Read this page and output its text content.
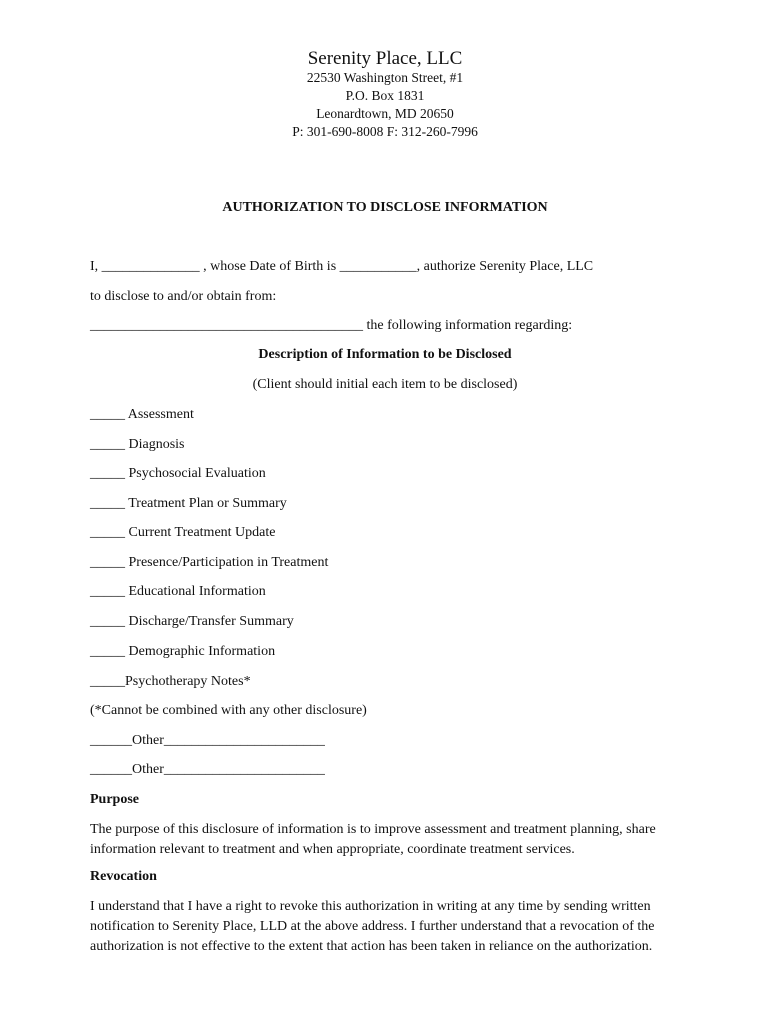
Serenity Place, LLC
22530 Washington Street, #1
P.O. Box 1831
Leonardtown, MD 20650
P: 301-690-8008 F: 312-260-7996
AUTHORIZATION TO DISCLOSE INFORMATION
I, ______________ , whose Date of Birth is ___________, authorize Serenity Place, LLC
to disclose to and/or obtain from:
_______________________________________ the following information regarding:
Description of Information to be Disclosed
(Client should initial each item to be disclosed)
_____ Assessment
_____ Diagnosis
_____ Psychosocial Evaluation
_____ Treatment Plan or Summary
_____ Current Treatment Update
_____ Presence/Participation in Treatment
_____ Educational Information
_____ Discharge/Transfer Summary
_____ Demographic Information
_____Psychotherapy Notes*
(*Cannot be combined with any other disclosure)
______Other_______________________
______Other_______________________
Purpose
The purpose of this disclosure of information is to improve assessment and treatment planning, share information relevant to treatment and when appropriate, coordinate treatment services.
Revocation
I understand that I have a right to revoke this authorization in writing at any time by sending written notification to Serenity Place, LLD at the above address. I further understand that a revocation of the authorization is not effective to the extent that action has been taken in reliance on the authorization.
